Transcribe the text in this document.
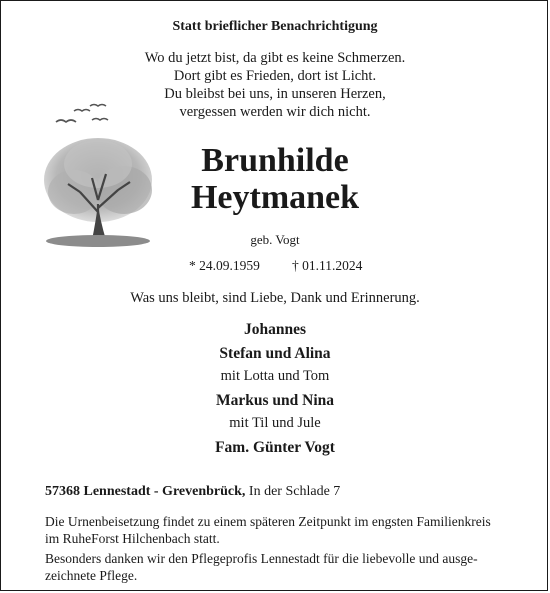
Statt brieflicher Benachrichtigung
Wo du jetzt bist, da gibt es keine Schmerzen.
Dort gibt es Frieden, dort ist Licht.
Du bleibst bei uns, in unseren Herzen,
vergessen werden wir dich nicht.
Brunhilde
Heytmanek
geb. Vogt
* 24.09.1959 † 01.11.2024
Was uns bleibt, sind Liebe, Dank und Erinnerung.
Johannes
Stefan und Alina
mit Lotta und Tom
Markus und Nina
mit Til und Jule
Fam. Günter Vogt
57368 Lennestadt - Grevenbrück, In der Schlade 7
Die Urnenbeisetzung findet zu einem späteren Zeitpunkt im engsten Familienkreis
im RuheForst Hilchenbach statt.
Besonders danken wir den Pflegeprofis Lennestadt für die liebevolle und ausge-
zeichnete Pflege.
